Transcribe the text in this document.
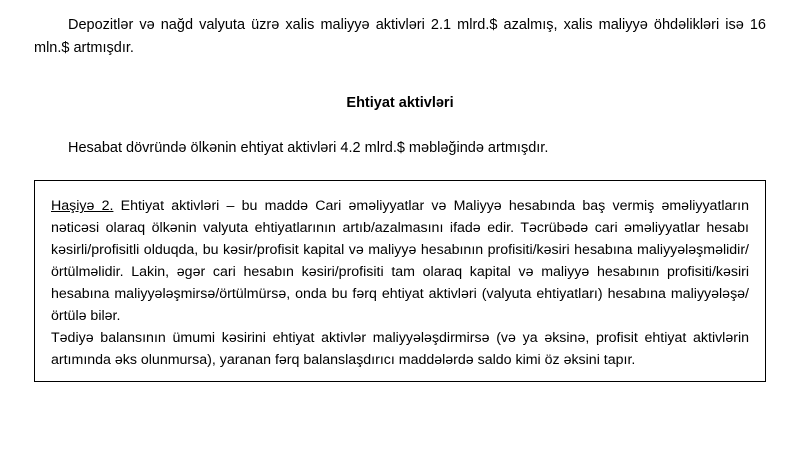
Depozitlər və nağd valyuta üzrə xalis maliyyə aktivləri 2.1 mlrd.$ azalmış, xalis maliyyə öhdəlikləri isə 16 mln.$ artmışdır.

Ehtiyat aktivləri

Hesabat dövründə ölkənin ehtiyat aktivləri 4.2 mlrd.$ məbləğində artmışdır.

Haşiyə 2. Ehtiyat aktivləri – bu maddə Cari əməliyyatlar və Maliyyə hesabında baş vermiş əməliyyatların nəticəsi olaraq ölkənin valyuta ehtiyatlarının artıb/azalmasını ifadə edir. Təcrübədə cari əməliyyatlar hesabı kəsirli/profisitli olduqda, bu kəsir/profisit kapital və maliyyə hesabının profisiti/kəsiri hesabına maliyyələşməlidir/örtülməlidir. Lakin, əgər cari hesabın kəsiri/profisiti tam olaraq kapital və maliyyə hesabının profisiti/kəsiri hesabına maliyyələşmirsə/örtülmürsə, onda bu fərq ehtiyat aktivləri (valyuta ehtiyatları) hesabına maliyyələşə/örtülə bilər.

Tədiyə balansının ümumi kəsirini ehtiyat aktivlər maliyyələşdirmirsə (və ya əksinə, profisit ehtiyat aktivlərin artımında əks olunmursa), yaranan fərq balanslaşdırıcı maddələrdə saldo kimi öz əksini tapır.
